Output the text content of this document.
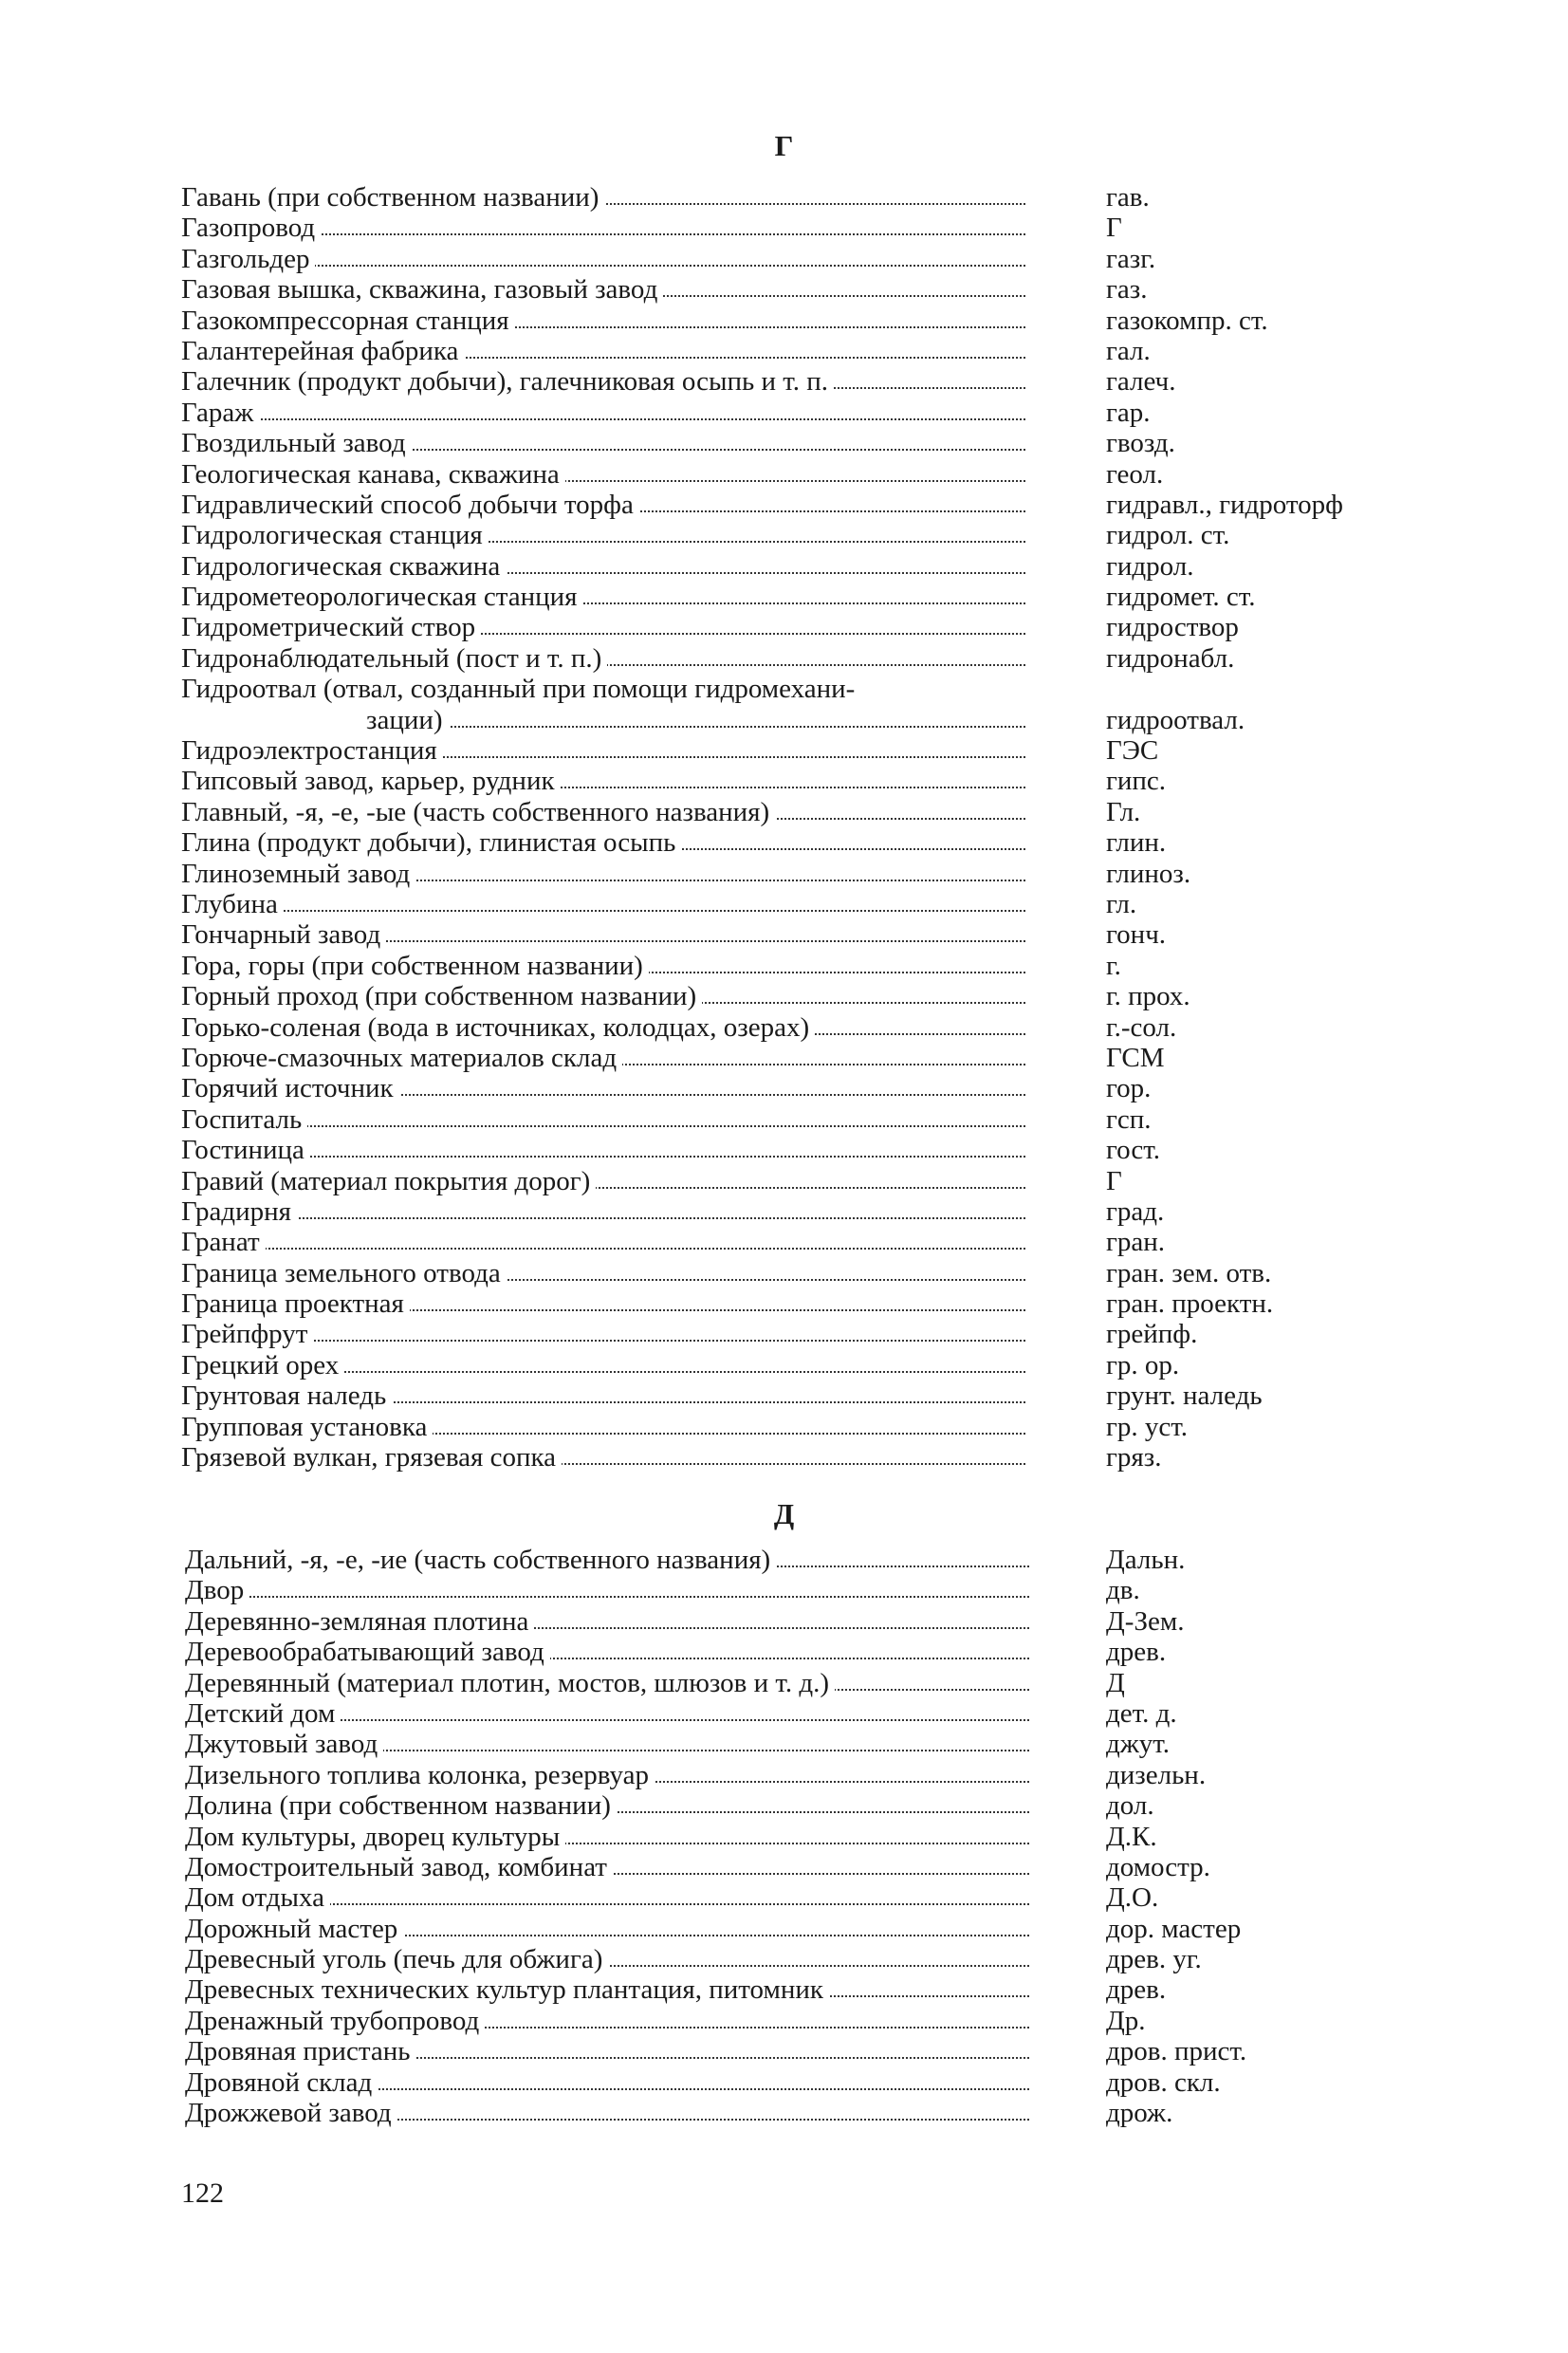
Г
Гавань (при собственном названии)	гав.
Газопровод	Г
Газгольдер	газг.
Газовая вышка, скважина, газовый завод	газ.
Газокомпрессорная станция	газокомпр. ст.
Галантерейная фабрика	гал.
Галечник (продукт добычи), галечниковая осыпь и т. п.	галеч.
Гараж	гар.
Гвоздильный завод	гвозд.
Геологическая канава, скважина	геол.
Гидравлический способ добычи торфа	гидравл., гидроторф
Гидрологическая станция	гидрол. ст.
Гидрологическая скважина	гидрол.
Гидрометеорологическая станция	гидромет. ст.
Гидрометрический створ	гидроствор
Гидронаблюдательный (пост и т. п.)	гидронабл.
Гидроотвал (отвал, созданный при помощи гидромехани-
зации)	гидроотвал.
Гидроэлектростанция	ГЭС
Гипсовый завод, карьер, рудник	гипс.
Главный, -я, -е, -ые (часть собственного названия)	Гл.
Глина (продукт добычи), глинистая осыпь	глин.
Глиноземный завод	глиноз.
Глубина	гл.
Гончарный завод	гонч.
Гора, горы (при собственном названии)	г.
Горный проход (при собственном названии)	г. прох.
Горько-соленая (вода в источниках, колодцах, озерах)	г.-сол.
Горюче-смазочных материалов склад	ГСМ
Горячий источник	гор.
Госпиталь	гсп.
Гостиница	гост.
Гравий (материал покрытия дорог)	Г
Градирня	град.
Гранат	гран.
Граница земельного отвода	гран. зем. отв.
Граница проектная	гран. проектн.
Грейпфрут	грейпф.
Грецкий орех	гр. ор.
Грунтовая наледь	грунт. наледь
Групповая установка	гр. уст.
Грязевой вулкан, грязевая сопка	гряз.
Д
Дальний, -я, -е, -ие (часть собственного названия)	Дальн.
Двор	дв.
Деревянно-земляная плотина	Д-Зем.
Деревообрабатывающий завод	древ.
Деревянный (материал плотин, мостов, шлюзов и т. д.)	Д
Детский дом	дет. д.
Джутовый завод	джут.
Дизельного топлива колонка, резервуар	дизельн.
Долина (при собственном названии)	дол.
Дом культуры, дворец культуры	Д.К.
Домостроительный завод, комбинат	домостр.
Дом отдыха	Д.О.
Дорожный мастер	дор. мастер
Древесный уголь (печь для обжига)	древ. уг.
Древесных технических культур плантация, питомник	древ.
Дренажный трубопровод	Др.
Дровяная пристань	дров. прист.
Дровяной склад	дров. скл.
Дрожжевой завод	дрож.
122
